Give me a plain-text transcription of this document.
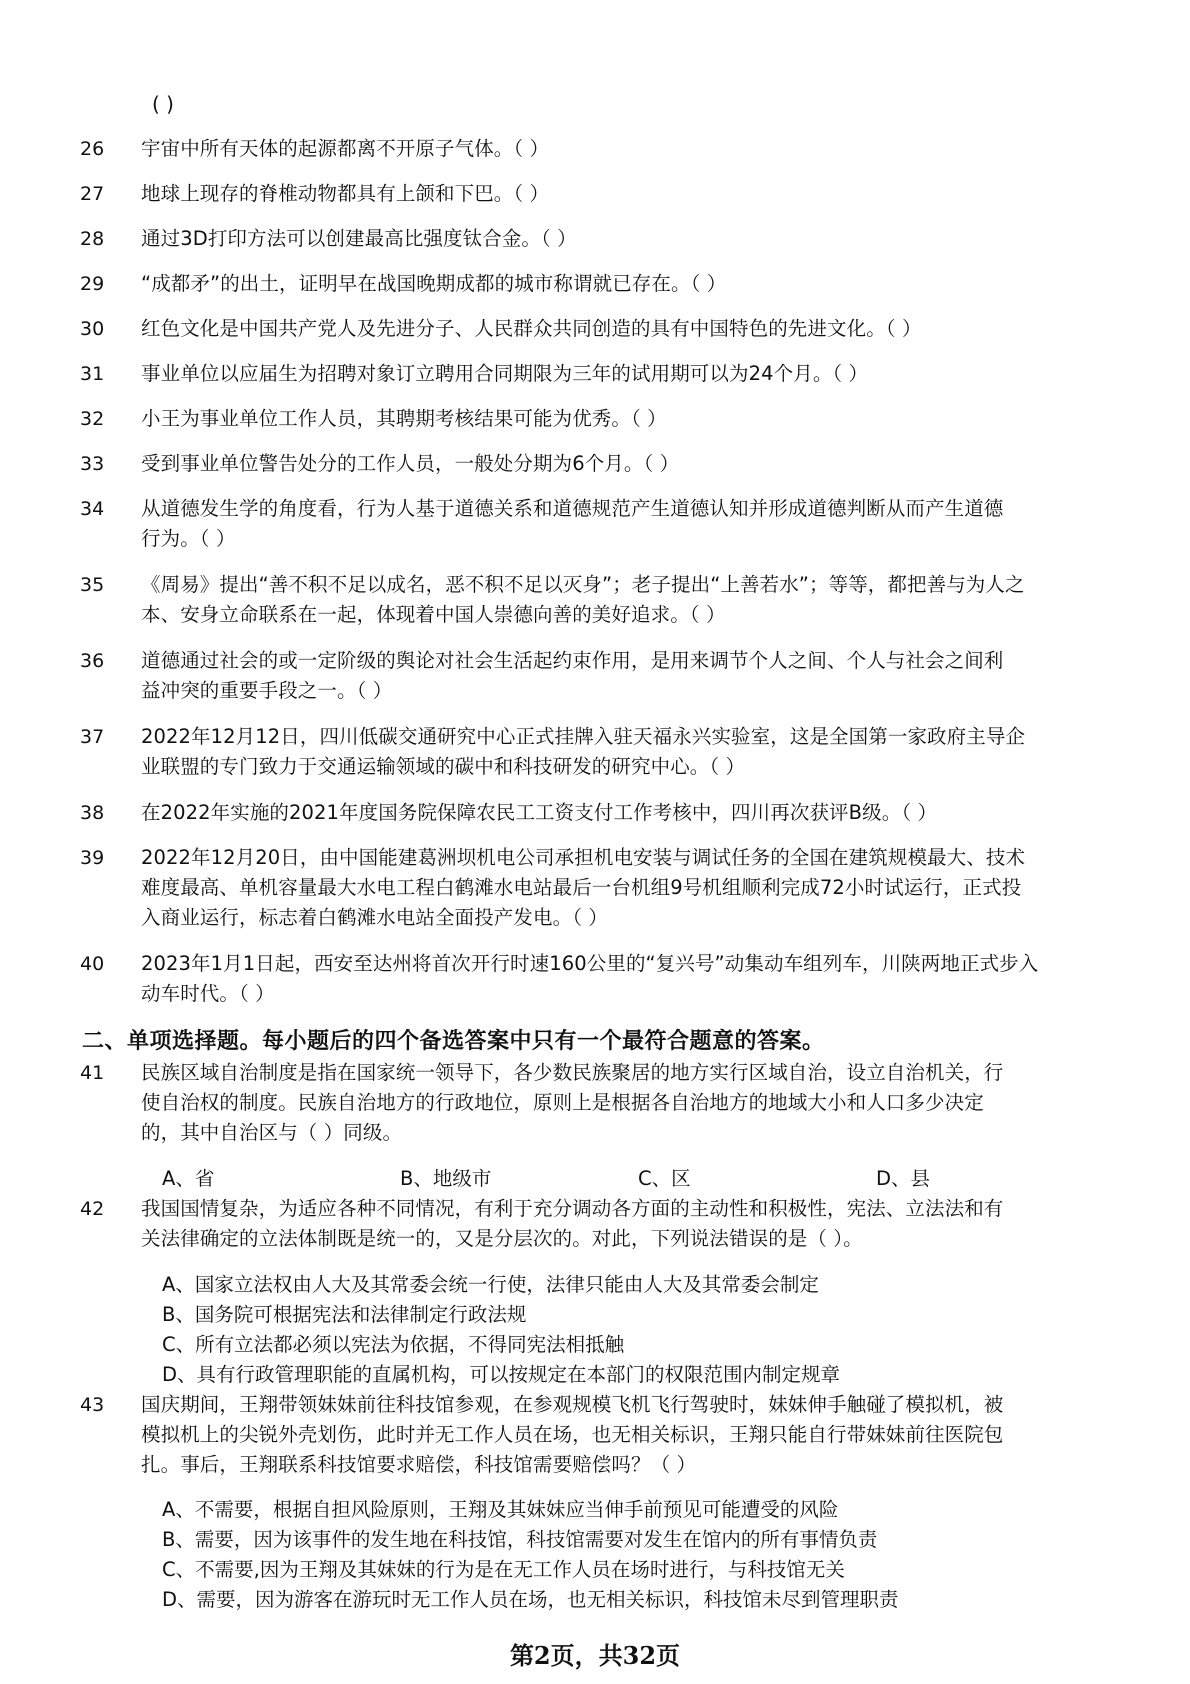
( )
26 宇宙中所有天体的起源都离不开原子气体。（ ）
27 地球上现存的脊椎动物都具有上颌和下巴。（ ）
28 通过3D打印方法可以创建最高比强度钛合金。（ ）
29 “成都矛”的出土，证明早在战国晚期成都的城市称谓就已存在。（ ）
30 红色文化是中国共产党人及先进分子、人民群众共同创造的具有中国特色的先进文化。（ ）
31 事业单位以应届生为招聘对象订立聘用合同期限为三年的试用期可以为24个月。（ ）
32 小王为事业单位工作人员，其聘期考核结果可能为优秀。（ ）
33 受到事业单位警告处分的工作人员，一般处分期为6个月。（ ）
34 从道德发生学的角度看，行为人基于道德关系和道德规范产生道德认知并形成道德判断从而产生道德
行为。（ ）
35 《周易》提出“善不积不足以成名，恶不积不足以灭身”；老子提出“上善若水”；等等，都把善与为人之
本、安身立命联系在一起，体现着中国人崇德向善的美好追求。（ ）
36 道德通过社会的或一定阶级的舆论对社会生活起约束作用，是用来调节个人之间、个人与社会之间利
益冲突的重要手段之一。（ ）
37 2022年12月12日，四川低碳交通研究中心正式挂牌入驻天福永兴实验室，这是全国第一家政府主导企
业联盟的专门致力于交通运输领域的碳中和科技研发的研究中心。（ ）
38 在2022年实施的2021年度国务院保障农民工工资支付工作考核中，四川再次获评B级。（ ）
39 2022年12月20日，由中国能建葛洲坝机电公司承担机电安装与调试任务的全国在建筑规模最大、技术
难度最高、单机容量最大水电工程白鹤滩水电站最后一台机组9号机组顺利完成72小时试运行，正式投
入商业运行，标志着白鹤滩水电站全面投产发电。（ ）
40 2023年1月1日起，西安至达州将首次开行时速160公里的“复兴号”动集动车组列车，川陕两地正式步入
动车时代。（ ）
二、单项选择题。每小题后的四个备选答案中只有一个最符合题意的答案。
41 民族区域自治制度是指在国家统一领导下，各少数民族聚居的地方实行区域自治，设立自治机关，行
使自治权的制度。民族自治地方的行政地位，原则上是根据各自治地方的地域大小和人口多少决定
的，其中自治区与（ ）同级。
A、省	B、地级市	C、区	D、县
42 我国国情复杂，为适应各种不同情况，有利于充分调动各方面的主动性和积极性，宪法、立法法和有
关法律确定的立法体制既是统一的，又是分层次的。对此，下列说法错误的是（ ）。
A、国家立法权由人大及其常委会统一行使，法律只能由人大及其常委会制定
B、国务院可根据宪法和法律制定行政法规
C、所有立法都必须以宪法为依据，不得同宪法相抵触
D、具有行政管理职能的直属机构，可以按规定在本部门的权限范围内制定规章
43 国庆期间，王翔带领妹妹前往科技馆参观，在参观规模飞机飞行驾驶时，妹妹伸手触碰了模拟机，被
模拟机上的尖锐外壳划伤，此时并无工作人员在场，也无相关标识，王翔只能自行带妹妹前往医院包
扎。事后，王翔联系科技馆要求赔偿，科技馆需要赔偿吗？（ ）
A、不需要，根据自担风险原则，王翔及其妹妹应当伸手前预见可能遭受的风险
B、需要，因为该事件的发生地在科技馆，科技馆需要对发生在馆内的所有事情负责
C、不需要,因为王翔及其妹妹的行为是在无工作人员在场时进行，与科技馆无关
D、需要，因为游客在游玩时无工作人员在场，也无相关标识，科技馆未尽到管理职责
第2页，共32页
